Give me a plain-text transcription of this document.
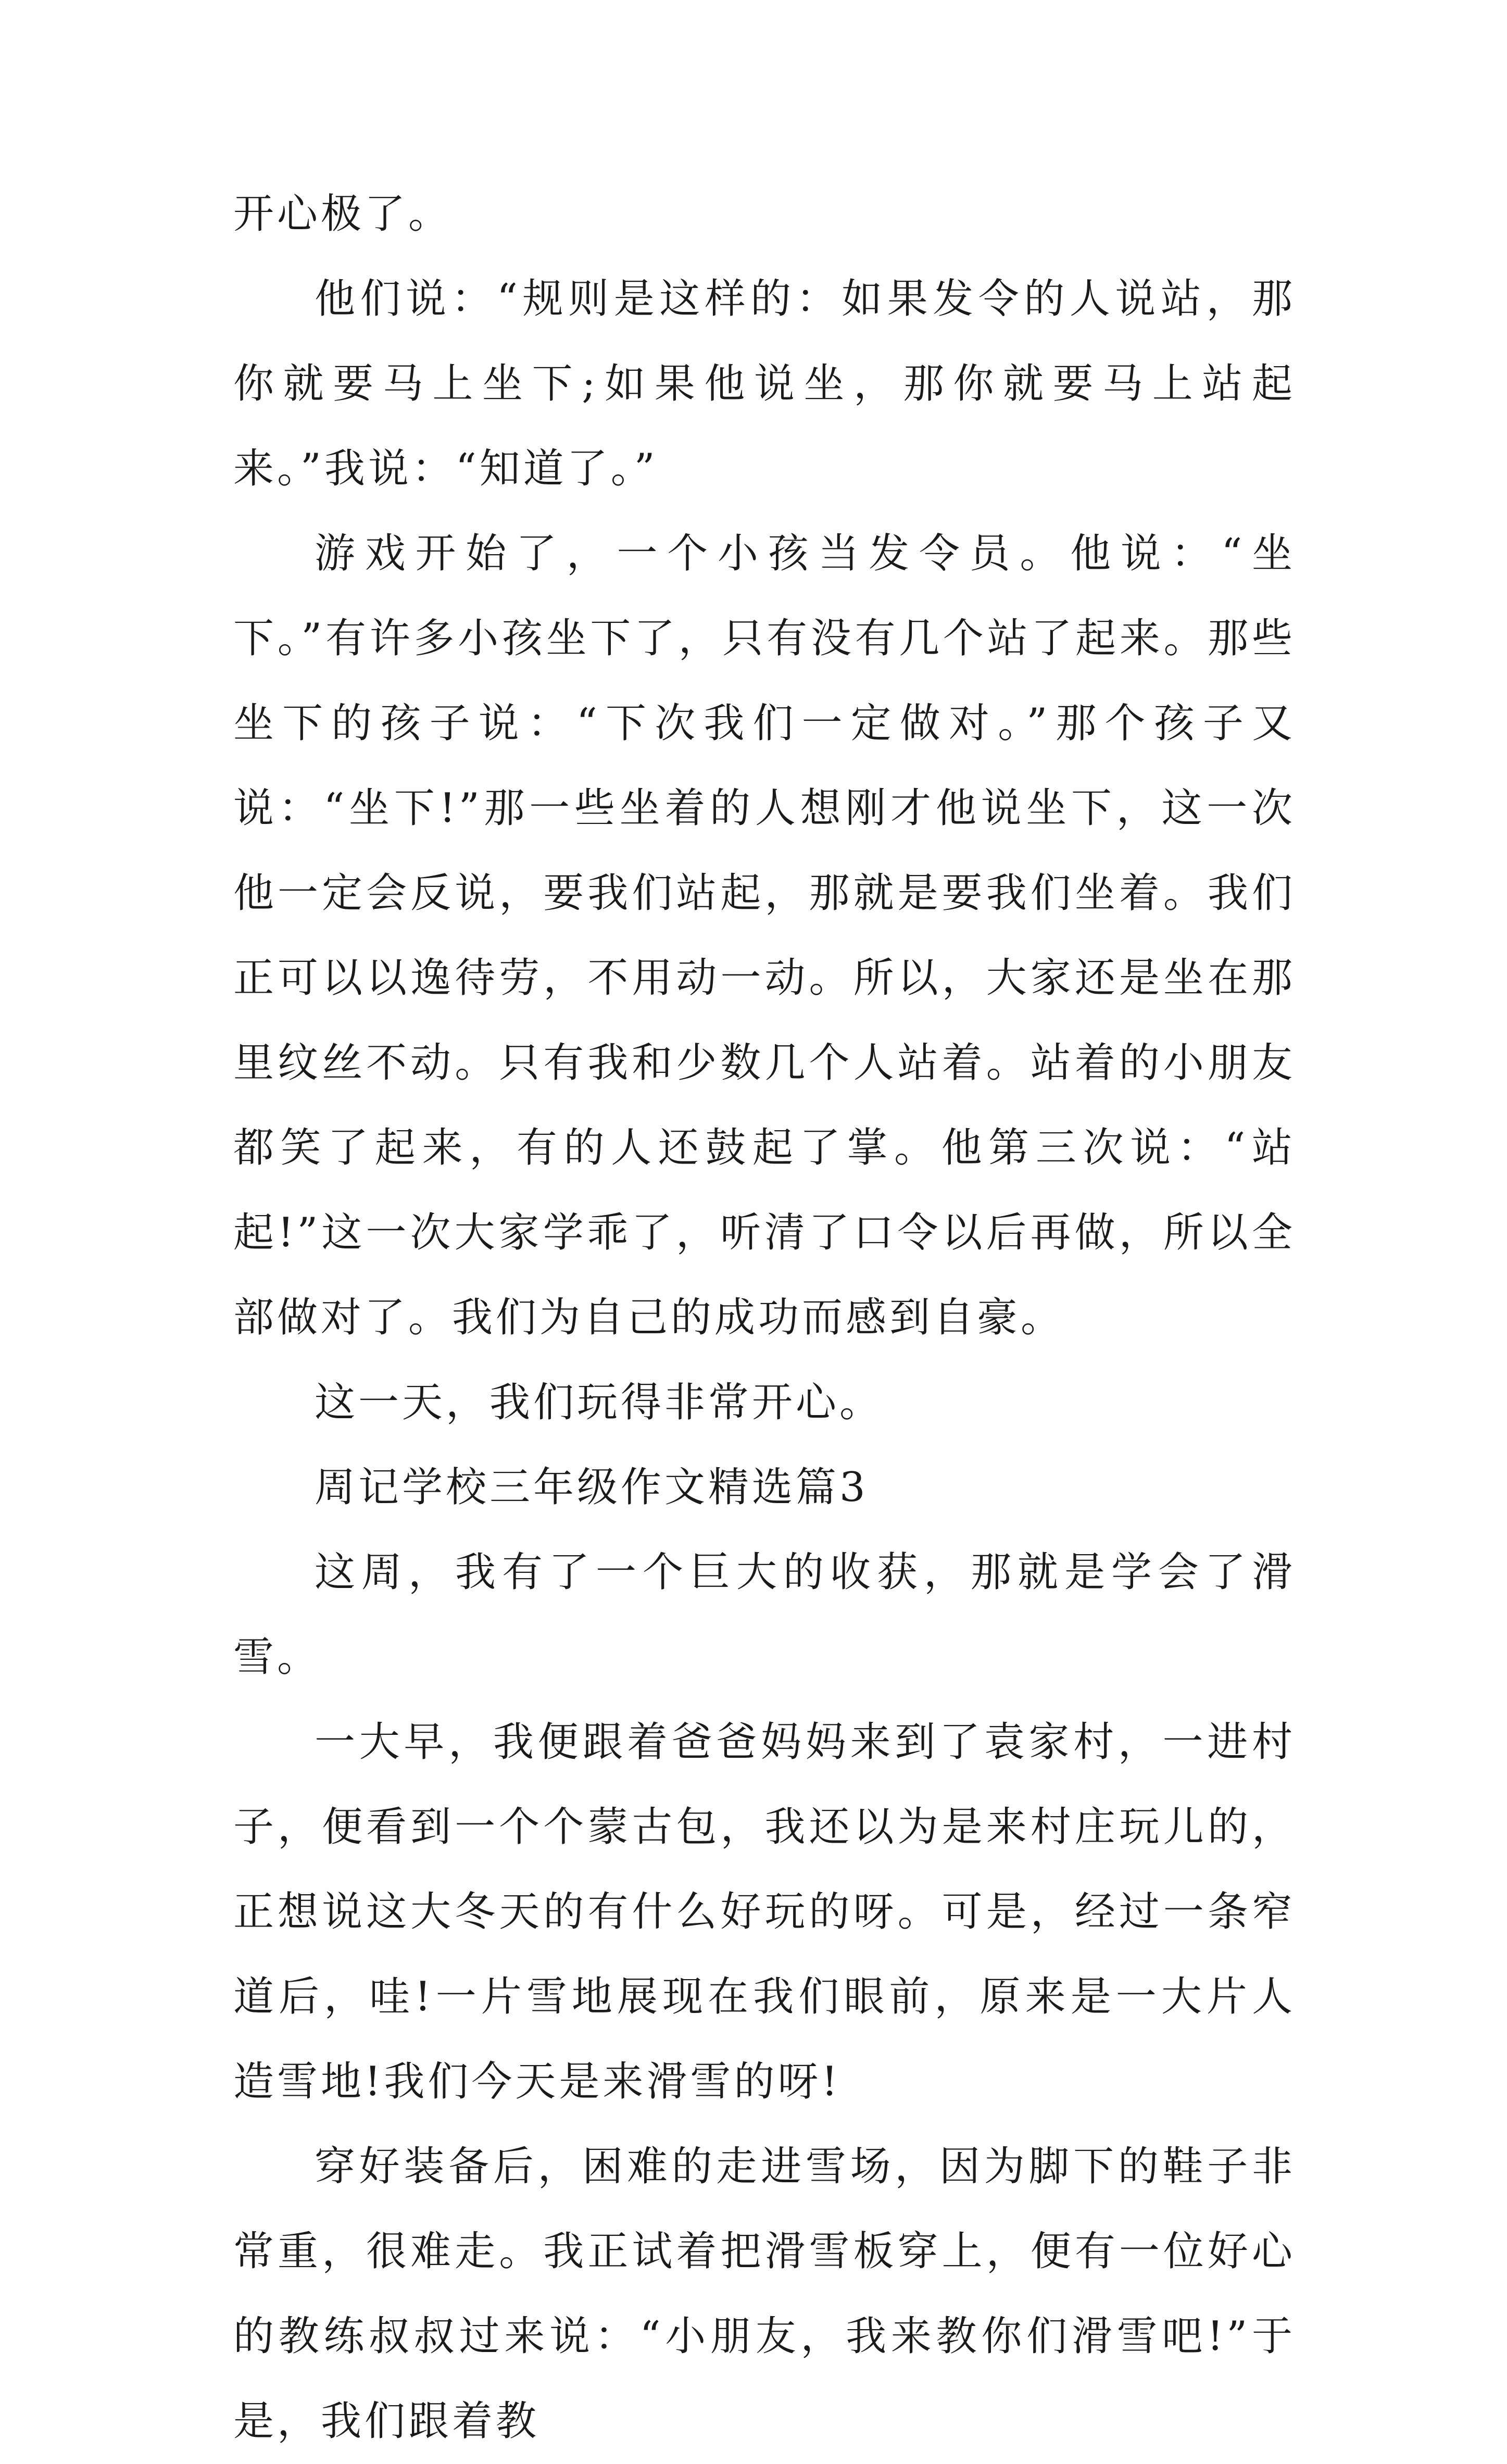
开心极了。

他们说：“规则是这样的：如果发令的人说站，那你就要马上坐下;如果他说坐，那你就要马上站起来。”我说：“知道了。”

游戏开始了，一个小孩当发令员。他说：“坐下。”有许多小孩坐下了，只有没有几个站了起来。那些坐下的孩子说：“下次我们一定做对。”那个孩子又说：“坐下!”那一些坐着的人想刚才他说坐下，这一次他一定会反说，要我们站起，那就是要我们坐着。我们正可以以逸待劳，不用动一动。所以，大家还是坐在那里纹丝不动。只有我和少数几个人站着。站着的小朋友都笑了起来，有的人还鼓起了掌。他第三次说：“站起!”这一次大家学乖了，听清了口令以后再做，所以全部做对了。我们为自己的成功而感到自豪。

这一天，我们玩得非常开心。

周记学校三年级作文精选篇3

这周，我有了一个巨大的收获，那就是学会了滑雪。

一大早，我便跟着爸爸妈妈来到了袁家村，一进村子，便看到一个个蒙古包，我还以为是来村庄玩儿的，正想说这大冬天的有什么好玩的呀。可是，经过一条窄道后，哇!一片雪地展现在我们眼前，原来是一大片人造雪地!我们今天是来滑雪的呀!

穿好装备后，困难的走进雪场，因为脚下的鞋子非常重，很难走。我正试着把滑雪板穿上，便有一位好心的教练叔叔过来说：“小朋友，我来教你们滑雪吧!”于是，我们跟着教
